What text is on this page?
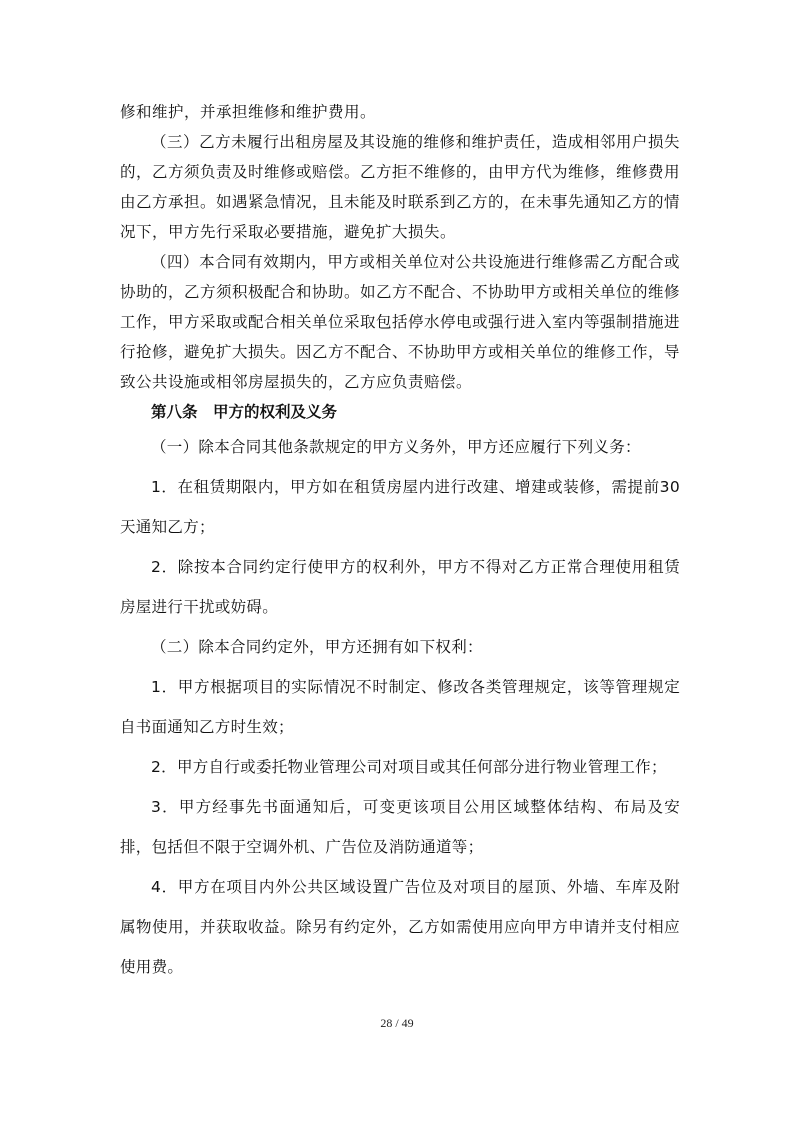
修和维护，并承担维修和维护费用。

（三）乙方未履行出租房屋及其设施的维修和维护责任，造成相邻用户损失的，乙方须负责及时维修或赔偿。乙方拒不维修的，由甲方代为维修，维修费用由乙方承担。如遇紧急情况，且未能及时联系到乙方的，在未事先通知乙方的情况下，甲方先行采取必要措施，避免扩大损失。

（四）本合同有效期内，甲方或相关单位对公共设施进行维修需乙方配合或协助的，乙方须积极配合和协助。如乙方不配合、不协助甲方或相关单位的维修工作，甲方采取或配合相关单位采取包括停水停电或强行进入室内等强制措施进行抢修，避免扩大损失。因乙方不配合、不协助甲方或相关单位的维修工作，导致公共设施或相邻房屋损失的，乙方应负责赔偿。

第八条　甲方的权利及义务

（一）除本合同其他条款规定的甲方义务外，甲方还应履行下列义务：

1．在租赁期限内，甲方如在租赁房屋内进行改建、增建或装修，需提前30天通知乙方；

2．除按本合同约定行使甲方的权利外，甲方不得对乙方正常合理使用租赁房屋进行干扰或妨碍。

（二）除本合同约定外，甲方还拥有如下权利：

1．甲方根据项目的实际情况不时制定、修改各类管理规定，该等管理规定自书面通知乙方时生效；

2．甲方自行或委托物业管理公司对项目或其任何部分进行物业管理工作；

3．甲方经事先书面通知后，可变更该项目公用区域整体结构、布局及安排，包括但不限于空调外机、广告位及消防通道等；

4．甲方在项目内外公共区域设置广告位及对项目的屋顶、外墙、车库及附属物使用，并获取收益。除另有约定外，乙方如需使用应向甲方申请并支付相应使用费。

28 / 49
